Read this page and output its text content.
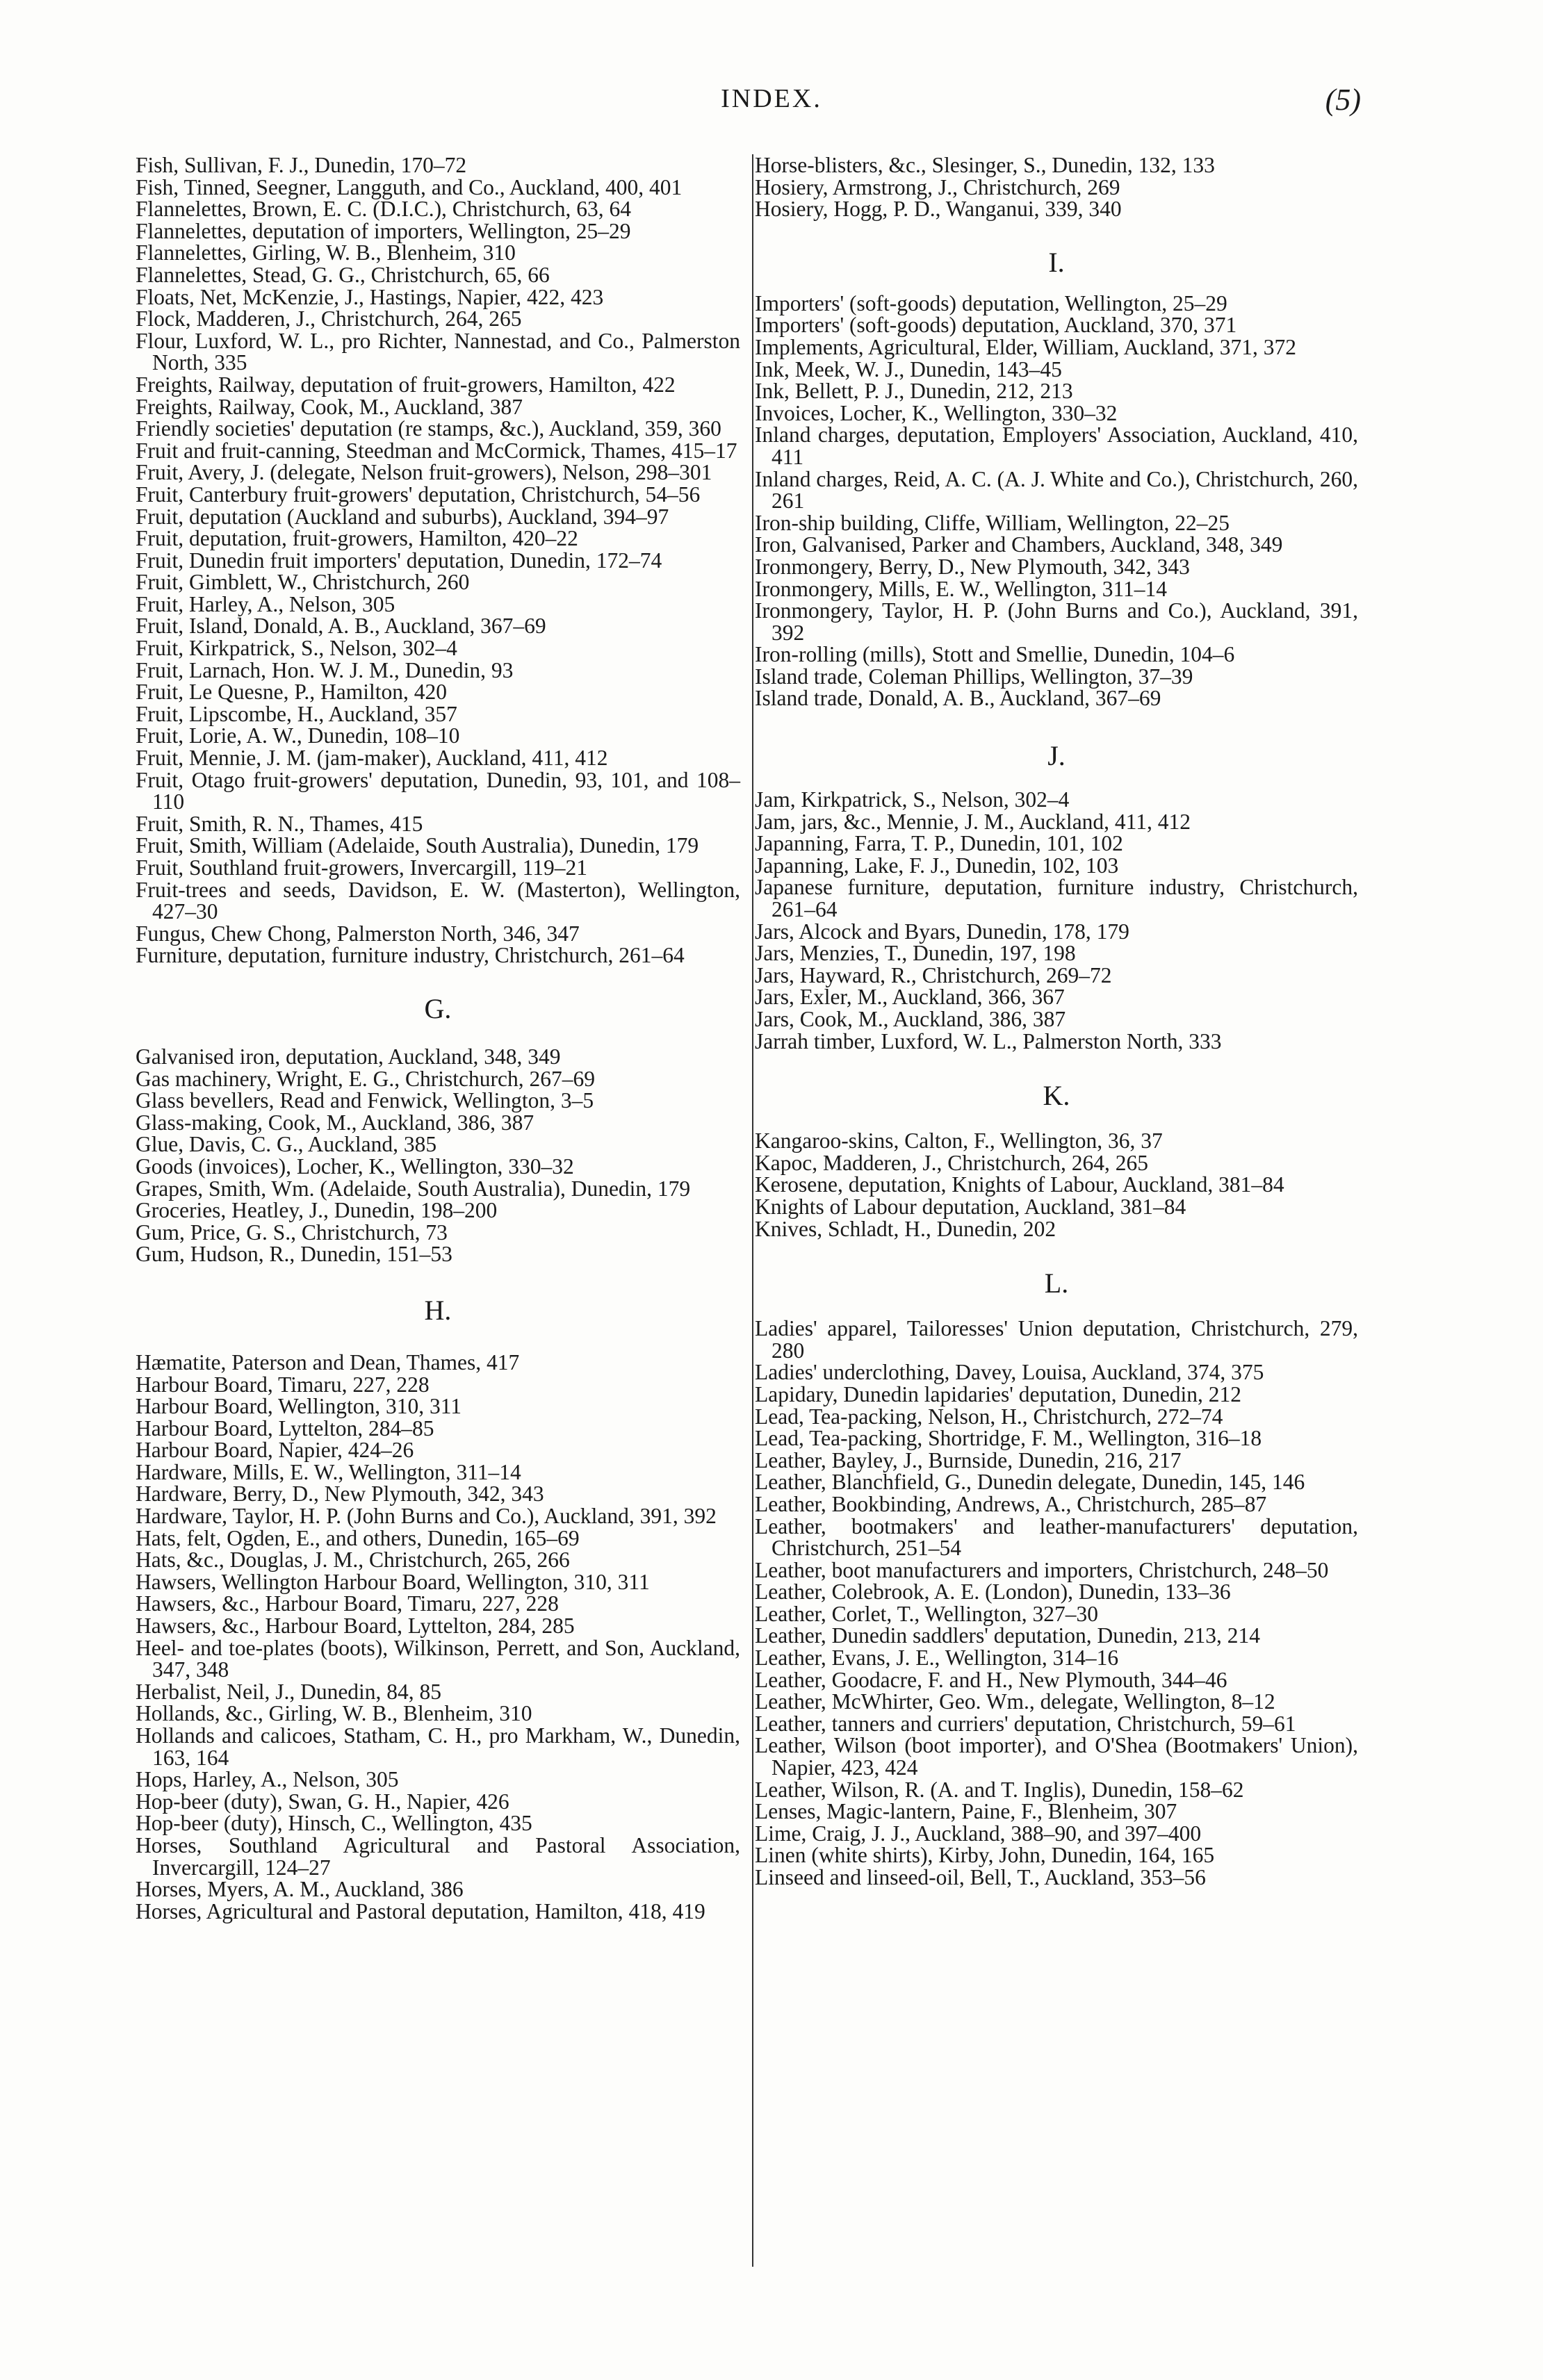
INDEX.	(5)

Fish, Sullivan, F. J., Dunedin, 170–72

Fish, Tinned, Seegner, Langguth, and Co., Auckland, 400, 401

Flannelettes, Brown, E. C. (D.I.C.), Christchurch, 63, 64

Flannelettes, deputation of importers, Wellington, 25–29

Flannelettes, Girling, W. B., Blenheim, 310

Flannelettes, Stead, G. G., Christchurch, 65, 66

Floats, Net, McKenzie, J., Hastings, Napier, 422, 423

Flock, Madderen, J., Christchurch, 264, 265

Flour, Luxford, W. L., pro Richter, Nannestad, and Co., Palmerston North, 335

Freights, Railway, deputation of fruit-growers, Hamilton, 422

Freights, Railway, Cook, M., Auckland, 387

Friendly societies' deputation (re stamps, &c.), Auckland, 359, 360

Fruit and fruit-canning, Steedman and McCormick, Thames, 415–17

Fruit, Avery, J. (delegate, Nelson fruit-growers), Nelson, 298–301

Fruit, Canterbury fruit-growers' deputation, Christchurch, 54–56

Fruit, deputation (Auckland and suburbs), Auckland, 394–97

Fruit, deputation, fruit-growers, Hamilton, 420–22

Fruit, Dunedin fruit importers' deputation, Dunedin, 172–74

Fruit, Gimblett, W., Christchurch, 260

Fruit, Harley, A., Nelson, 305

Fruit, Island, Donald, A. B., Auckland, 367–69

Fruit, Kirkpatrick, S., Nelson, 302–4

Fruit, Larnach, Hon. W. J. M., Dunedin, 93

Fruit, Le Quesne, P., Hamilton, 420

Fruit, Lipscombe, H., Auckland, 357

Fruit, Lorie, A. W., Dunedin, 108–10

Fruit, Mennie, J. M. (jam-maker), Auckland, 411, 412

Fruit, Otago fruit-growers' deputation, Dunedin, 93, 101, and 108–110

Fruit, Smith, R. N., Thames, 415

Fruit, Smith, William (Adelaide, South Australia), Dunedin, 179

Fruit, Southland fruit-growers, Invercargill, 119–21

Fruit-trees and seeds, Davidson, E. W. (Masterton), Wellington, 427–30

Fungus, Chew Chong, Palmerston North, 346, 347

Furniture, deputation, furniture industry, Christchurch, 261–64

G.

Galvanised iron, deputation, Auckland, 348, 349

Gas machinery, Wright, E. G., Christchurch, 267–69

Glass bevellers, Read and Fenwick, Wellington, 3–5

Glass-making, Cook, M., Auckland, 386, 387

Glue, Davis, C. G., Auckland, 385

Goods (invoices), Locher, K., Wellington, 330–32

Grapes, Smith, Wm. (Adelaide, South Australia), Dunedin, 179

Groceries, Heatley, J., Dunedin, 198–200

Gum, Price, G. S., Christchurch, 73

Gum, Hudson, R., Dunedin, 151–53

H.

Hæmatite, Paterson and Dean, Thames, 417

Harbour Board, Timaru, 227, 228

Harbour Board, Wellington, 310, 311

Harbour Board, Lyttelton, 284–85

Harbour Board, Napier, 424–26

Hardware, Mills, E. W., Wellington, 311–14

Hardware, Berry, D., New Plymouth, 342, 343

Hardware, Taylor, H. P. (John Burns and Co.), Auckland, 391, 392

Hats, felt, Ogden, E., and others, Dunedin, 165–69

Hats, &c., Douglas, J. M., Christchurch, 265, 266

Hawsers, Wellington Harbour Board, Wellington, 310, 311

Hawsers, &c., Harbour Board, Timaru, 227, 228

Hawsers, &c., Harbour Board, Lyttelton, 284, 285

Heel- and toe-plates (boots), Wilkinson, Perrett, and Son, Auckland, 347, 348

Herbalist, Neil, J., Dunedin, 84, 85

Hollands, &c., Girling, W. B., Blenheim, 310

Hollands and calicoes, Statham, C. H., pro Markham, W., Dunedin, 163, 164

Hops, Harley, A., Nelson, 305

Hop-beer (duty), Swan, G. H., Napier, 426

Hop-beer (duty), Hinsch, C., Wellington, 435

Horses, Southland Agricultural and Pastoral Association, Invercargill, 124–27

Horses, Myers, A. M., Auckland, 386

Horses, Agricultural and Pastoral deputation, Hamilton, 418, 419

Horse-blisters, &c., Slesinger, S., Dunedin, 132, 133

Hosiery, Armstrong, J., Christchurch, 269

Hosiery, Hogg, P. D., Wanganui, 339, 340

I.

Importers' (soft-goods) deputation, Wellington, 25–29

Importers' (soft-goods) deputation, Auckland, 370, 371

Implements, Agricultural, Elder, William, Auckland, 371, 372

Ink, Meek, W. J., Dunedin, 143–45

Ink, Bellett, P. J., Dunedin, 212, 213

Invoices, Locher, K., Wellington, 330–32

Inland charges, deputation, Employers' Association, Auckland, 410, 411

Inland charges, Reid, A. C. (A. J. White and Co.), Christchurch, 260, 261

Iron-ship building, Cliffe, William, Wellington, 22–25

Iron, Galvanised, Parker and Chambers, Auckland, 348, 349

Ironmongery, Berry, D., New Plymouth, 342, 343

Ironmongery, Mills, E. W., Wellington, 311–14

Ironmongery, Taylor, H. P. (John Burns and Co.), Auckland, 391, 392

Iron-rolling (mills), Stott and Smellie, Dunedin, 104–6

Island trade, Coleman Phillips, Wellington, 37–39

Island trade, Donald, A. B., Auckland, 367–69

J.

Jam, Kirkpatrick, S., Nelson, 302–4

Jam, jars, &c., Mennie, J. M., Auckland, 411, 412

Japanning, Farra, T. P., Dunedin, 101, 102

Japanning, Lake, F. J., Dunedin, 102, 103

Japanese furniture, deputation, furniture industry, Christchurch, 261–64

Jars, Alcock and Byars, Dunedin, 178, 179

Jars, Menzies, T., Dunedin, 197, 198

Jars, Hayward, R., Christchurch, 269–72

Jars, Exler, M., Auckland, 366, 367

Jars, Cook, M., Auckland, 386, 387

Jarrah timber, Luxford, W. L., Palmerston North, 333

K.

Kangaroo-skins, Calton, F., Wellington, 36, 37

Kapoc, Madderen, J., Christchurch, 264, 265

Kerosene, deputation, Knights of Labour, Auckland, 381–84

Knights of Labour deputation, Auckland, 381–84

Knives, Schladt, H., Dunedin, 202

L.

Ladies' apparel, Tailoresses' Union deputation, Christchurch, 279, 280

Ladies' underclothing, Davey, Louisa, Auckland, 374, 375

Lapidary, Dunedin lapidaries' deputation, Dunedin, 212

Lead, Tea-packing, Nelson, H., Christchurch, 272–74

Lead, Tea-packing, Shortridge, F. M., Wellington, 316–18

Leather, Bayley, J., Burnside, Dunedin, 216, 217

Leather, Blanchfield, G., Dunedin delegate, Dunedin, 145, 146

Leather, Bookbinding, Andrews, A., Christchurch, 285–87

Leather, bootmakers' and leather-manufacturers' deputation, Christchurch, 251–54

Leather, boot manufacturers and importers, Christchurch, 248–50

Leather, Colebrook, A. E. (London), Dunedin, 133–36

Leather, Corlet, T., Wellington, 327–30

Leather, Dunedin saddlers' deputation, Dunedin, 213, 214

Leather, Evans, J. E., Wellington, 314–16

Leather, Goodacre, F. and H., New Plymouth, 344–46

Leather, McWhirter, Geo. Wm., delegate, Wellington, 8–12

Leather, tanners and curriers' deputation, Christchurch, 59–61

Leather, Wilson (boot importer), and O'Shea (Bootmakers' Union), Napier, 423, 424

Leather, Wilson, R. (A. and T. Inglis), Dunedin, 158–62

Lenses, Magic-lantern, Paine, F., Blenheim, 307

Lime, Craig, J. J., Auckland, 388–90, and 397–400

Linen (white shirts), Kirby, John, Dunedin, 164, 165

Linseed and linseed-oil, Bell, T., Auckland, 353–56
